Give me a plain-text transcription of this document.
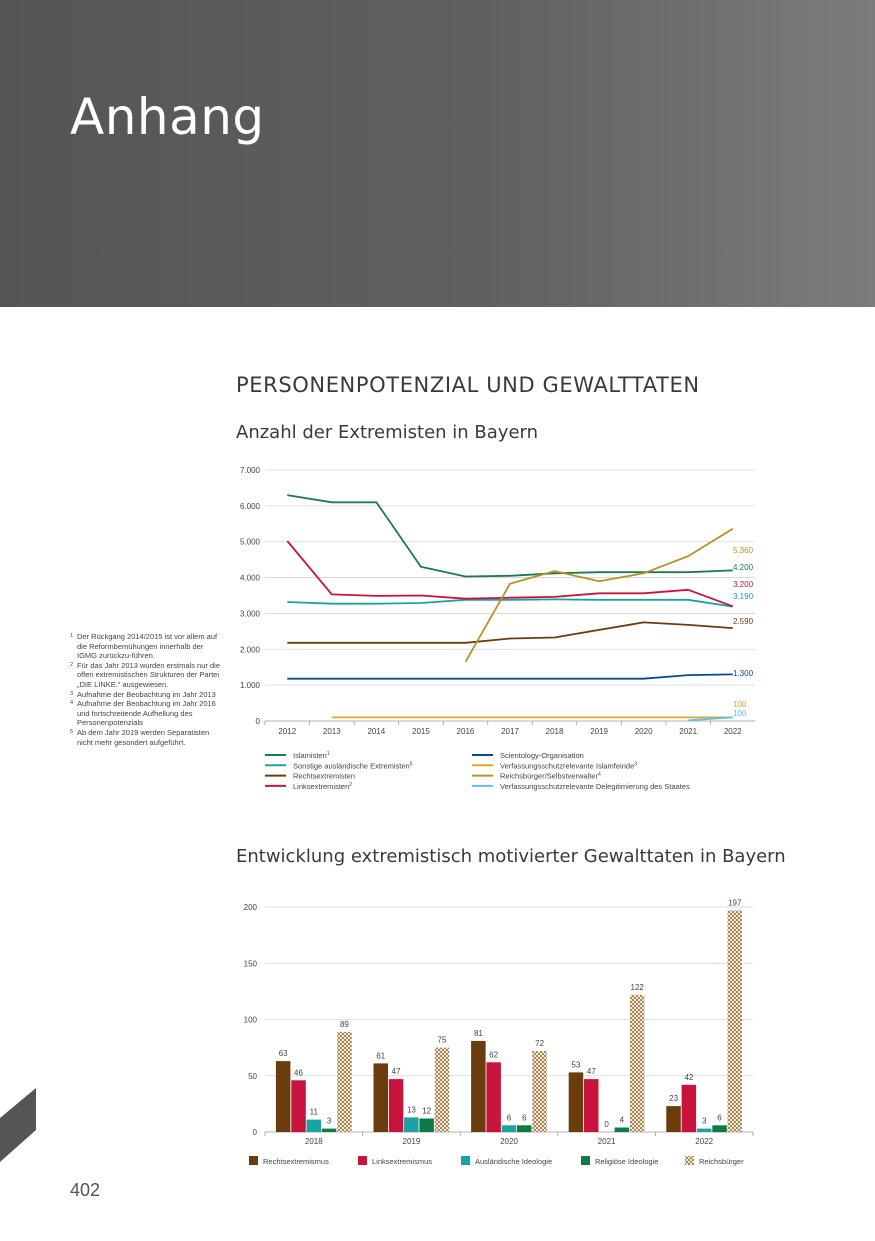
Anhang
PERSONENPOTENZIAL UND GEWALTTATEN
Anzahl der Extremisten in Bayern
Entwicklung extremistisch motivierter Gewalttaten in Bayern
1 Der Rückgang 2014/2015 ist vor allem auf die Reformbemühungen innerhalb der IGMG zurückzu-führen.
2 Für das Jahr 2013 wurden erstmals nur die offen extremistischen Strukturen der Partei „DIE LINKE.“ ausgewiesen.
3 Aufnahme der Beobachtung im Jahr 2013
4 Aufnahme der Beobachtung im Jahr 2016 und fortschreitende Aufhellung des Personenpotenzials
5 Ab dem Jahr 2019 werden Separatisten nicht mehr gesondert aufgeführt.
0
1.000
2.000
3.000
4.000
5.000
6.000
7.000
2012	2013	2014	2015	2016	2017	2018	2019	2020	2021	2022
4.200
3.190
2.590
3.200
1.300
100
5.360
100
Islamisten$^1$
Sonstige ausländische Extremisten$^5$
Rechtsextremisten
Linksextremisten$^2$
Scientology-Organisation
Verfassungsschutzrelevante Islamfeinde$^3$
Reichsbürger/Selbstverwalter$^4$
Verfassungsschutzrelevante Delegitimierung des Staates
0
50
100
150
200
63
46
11
3
89
2018
61
47
13 12
75
2019
81
62
6 6
72
2020
53
47
0 4
122
2021
23
42
3 6
197
2022
Rechtsextremismus	Linksextremismus	Ausländische Ideologie	Religiöse Ideologie	Reichsbürger
402
